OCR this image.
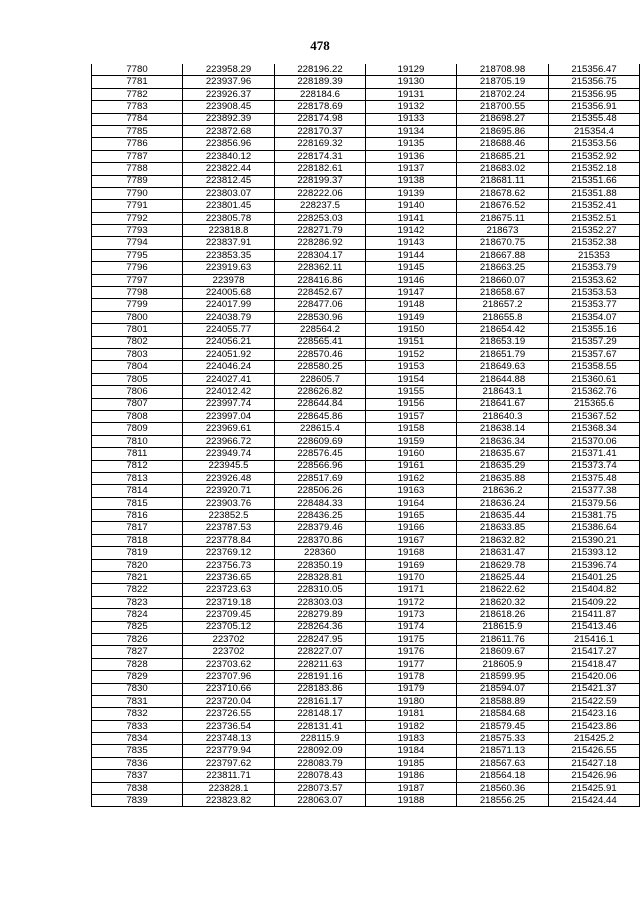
478
7780	223958.29	228196.22	19129	218708.98	215356.47
7781	223937.96	228189.39	19130	218705.19	215356.75
7782	223926.37	228184.6	19131	218702.24	215356.95
7783	223908.45	228178.69	19132	218700.55	215356.91
7784	223892.39	228174.98	19133	218698.27	215355.48
7785	223872.68	228170.37	19134	218695.86	215354.4
7786	223856.96	228169.32	19135	218688.46	215353.56
7787	223840.12	228174.31	19136	218685.21	215352.92
7788	223822.44	228182.61	19137	218683.02	215352.18
7789	223812.45	228199.37	19138	218681.11	215351.66
7790	223803.07	228222.06	19139	218678.62	215351.88
7791	223801.45	228237.5	19140	218676.52	215352.41
7792	223805.78	228253.03	19141	218675.11	215352.51
7793	223818.8	228271.79	19142	218673	215352.27
7794	223837.91	228286.92	19143	218670.75	215352.38
7795	223853.35	228304.17	19144	218667.88	215353
7796	223919.63	228362.11	19145	218663.25	215353.79
7797	223978	228416.86	19146	218660.07	215353.62
7798	224005.68	228452.67	19147	218658.67	215353.53
7799	224017.99	228477.06	19148	218657.2	215353.77
7800	224038.79	228530.96	19149	218655.8	215354.07
7801	224055.77	228564.2	19150	218654.42	215355.16
7802	224056.21	228565.41	19151	218653.19	215357.29
7803	224051.92	228570.46	19152	218651.79	215357.67
7804	224046.24	228580.25	19153	218649.63	215358.55
7805	224027.41	228605.7	19154	218644.88	215360.61
7806	224012.42	228626.82	19155	218643.1	215362.76
7807	223997.74	228644.84	19156	218641.67	215365.6
7808	223997.04	228645.86	19157	218640.3	215367.52
7809	223969.61	228615.4	19158	218638.14	215368.34
7810	223966.72	228609.69	19159	218636.34	215370.06
7811	223949.74	228576.45	19160	218635.67	215371.41
7812	223945.5	228566.96	19161	218635.29	215373.74
7813	223926.48	228517.69	19162	218635.88	215375.48
7814	223920.71	228506.26	19163	218636.2	215377.38
7815	223903.76	228484.33	19164	218636.24	215379.56
7816	223852.5	228436.25	19165	218635.44	215381.75
7817	223787.53	228379.46	19166	218633.85	215386.64
7818	223778.84	228370.86	19167	218632.82	215390.21
7819	223769.12	228360	19168	218631.47	215393.12
7820	223756.73	228350.19	19169	218629.78	215396.74
7821	223736.65	228328.81	19170	218625.44	215401.25
7822	223723.63	228310.05	19171	218622.62	215404.82
7823	223719.18	228303.03	19172	218620.32	215409.22
7824	223709.45	228279.89	19173	218618.26	215411.87
7825	223705.12	228264.36	19174	218615.9	215413.46
7826	223702	228247.95	19175	218611.76	215416.1
7827	223702	228227.07	19176	218609.67	215417.27
7828	223703.62	228211.63	19177	218605.9	215418.47
7829	223707.96	228191.16	19178	218599.95	215420.06
7830	223710.66	228183.86	19179	218594.07	215421.37
7831	223720.04	228161.17	19180	218588.89	215422.59
7832	223726.55	228148.17	19181	218584.68	215423.16
7833	223736.54	228131.41	19182	218579.45	215423.86
7834	223748.13	228115.9	19183	218575.33	215425.2
7835	223779.94	228092.09	19184	218571.13	215426.55
7836	223797.62	228083.79	19185	218567.63	215427.18
7837	223811.71	228078.43	19186	218564.18	215426.96
7838	223828.1	228073.57	19187	218560.36	215425.91
7839	223823.82	228063.07	19188	218556.25	215424.44
